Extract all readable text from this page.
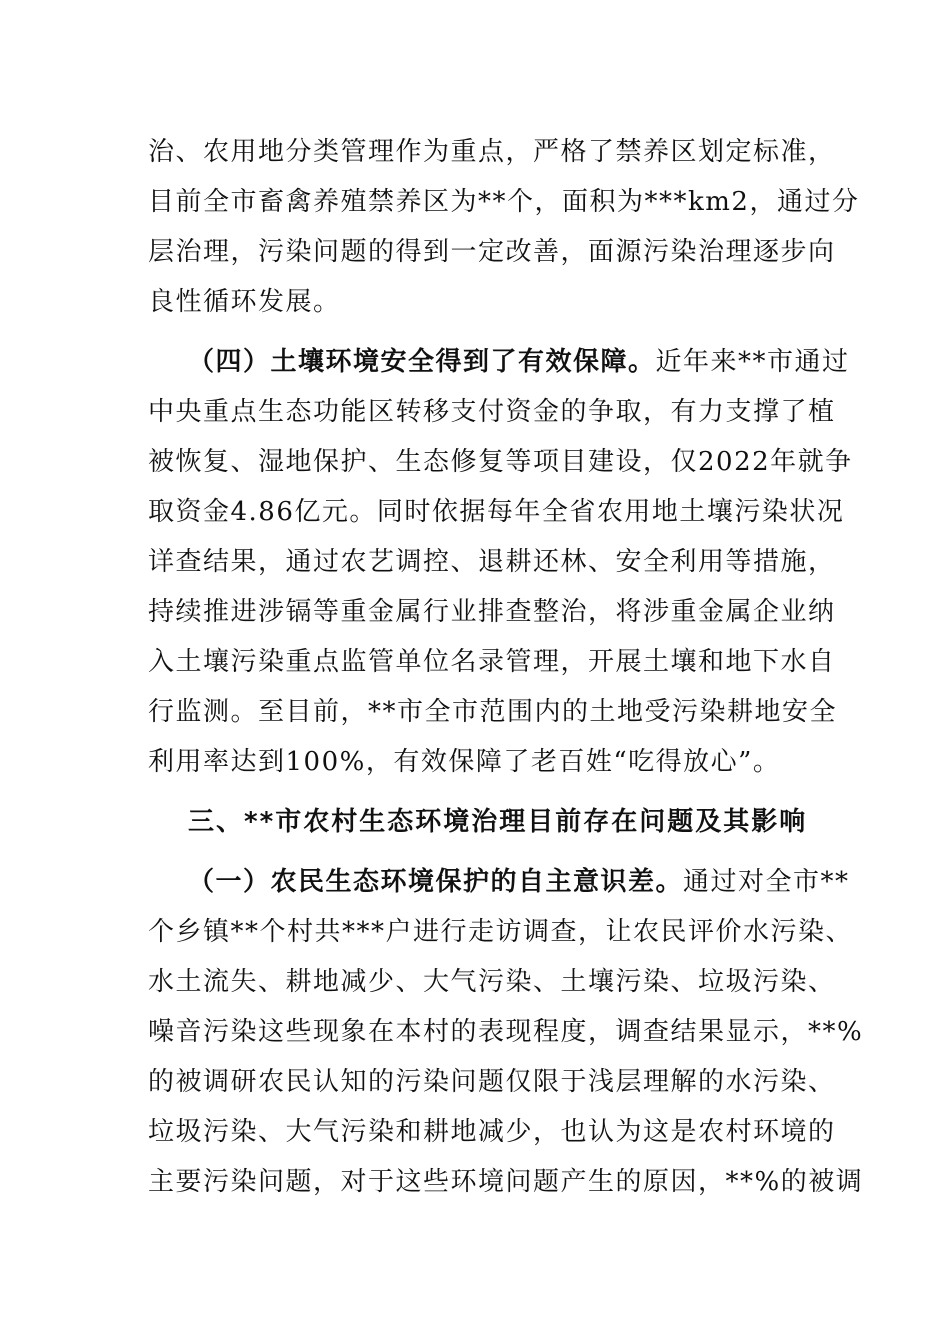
治、农用地分类管理作为重点，严格了禁养区划定标准，
目前全市畜禽养殖禁养区为**个，面积为***km2，通过分
层治理，污染问题的得到一定改善，面源污染治理逐步向
良性循环发展。
（四）土壤环境安全得到了有效保障。近年来**市通过
中央重点生态功能区转移支付资金的争取，有力支撑了植
被恢复、湿地保护、生态修复等项目建设，仅2022年就争
取资金4.86亿元。同时依据每年全省农用地土壤污染状况
详查结果，通过农艺调控、退耕还林、安全利用等措施，
持续推进涉镉等重金属行业排查整治，将涉重金属企业纳
入土壤污染重点监管单位名录管理，开展土壤和地下水自
行监测。至目前，**市全市范围内的土地受污染耕地安全
利用率达到100%，有效保障了老百姓“吃得放心”。
三、**市农村生态环境治理目前存在问题及其影响
（一）农民生态环境保护的自主意识差。通过对全市**
个乡镇**个村共***户进行走访调查，让农民评价水污染、
水土流失、耕地减少、大气污染、土壤污染、垃圾污染、
噪音污染这些现象在本村的表现程度，调查结果显示，**%
的被调研农民认知的污染问题仅限于浅层理解的水污染、
垃圾污染、大气污染和耕地减少，也认为这是农村环境的
主要污染问题，对于这些环境问题产生的原因，**%的被调
